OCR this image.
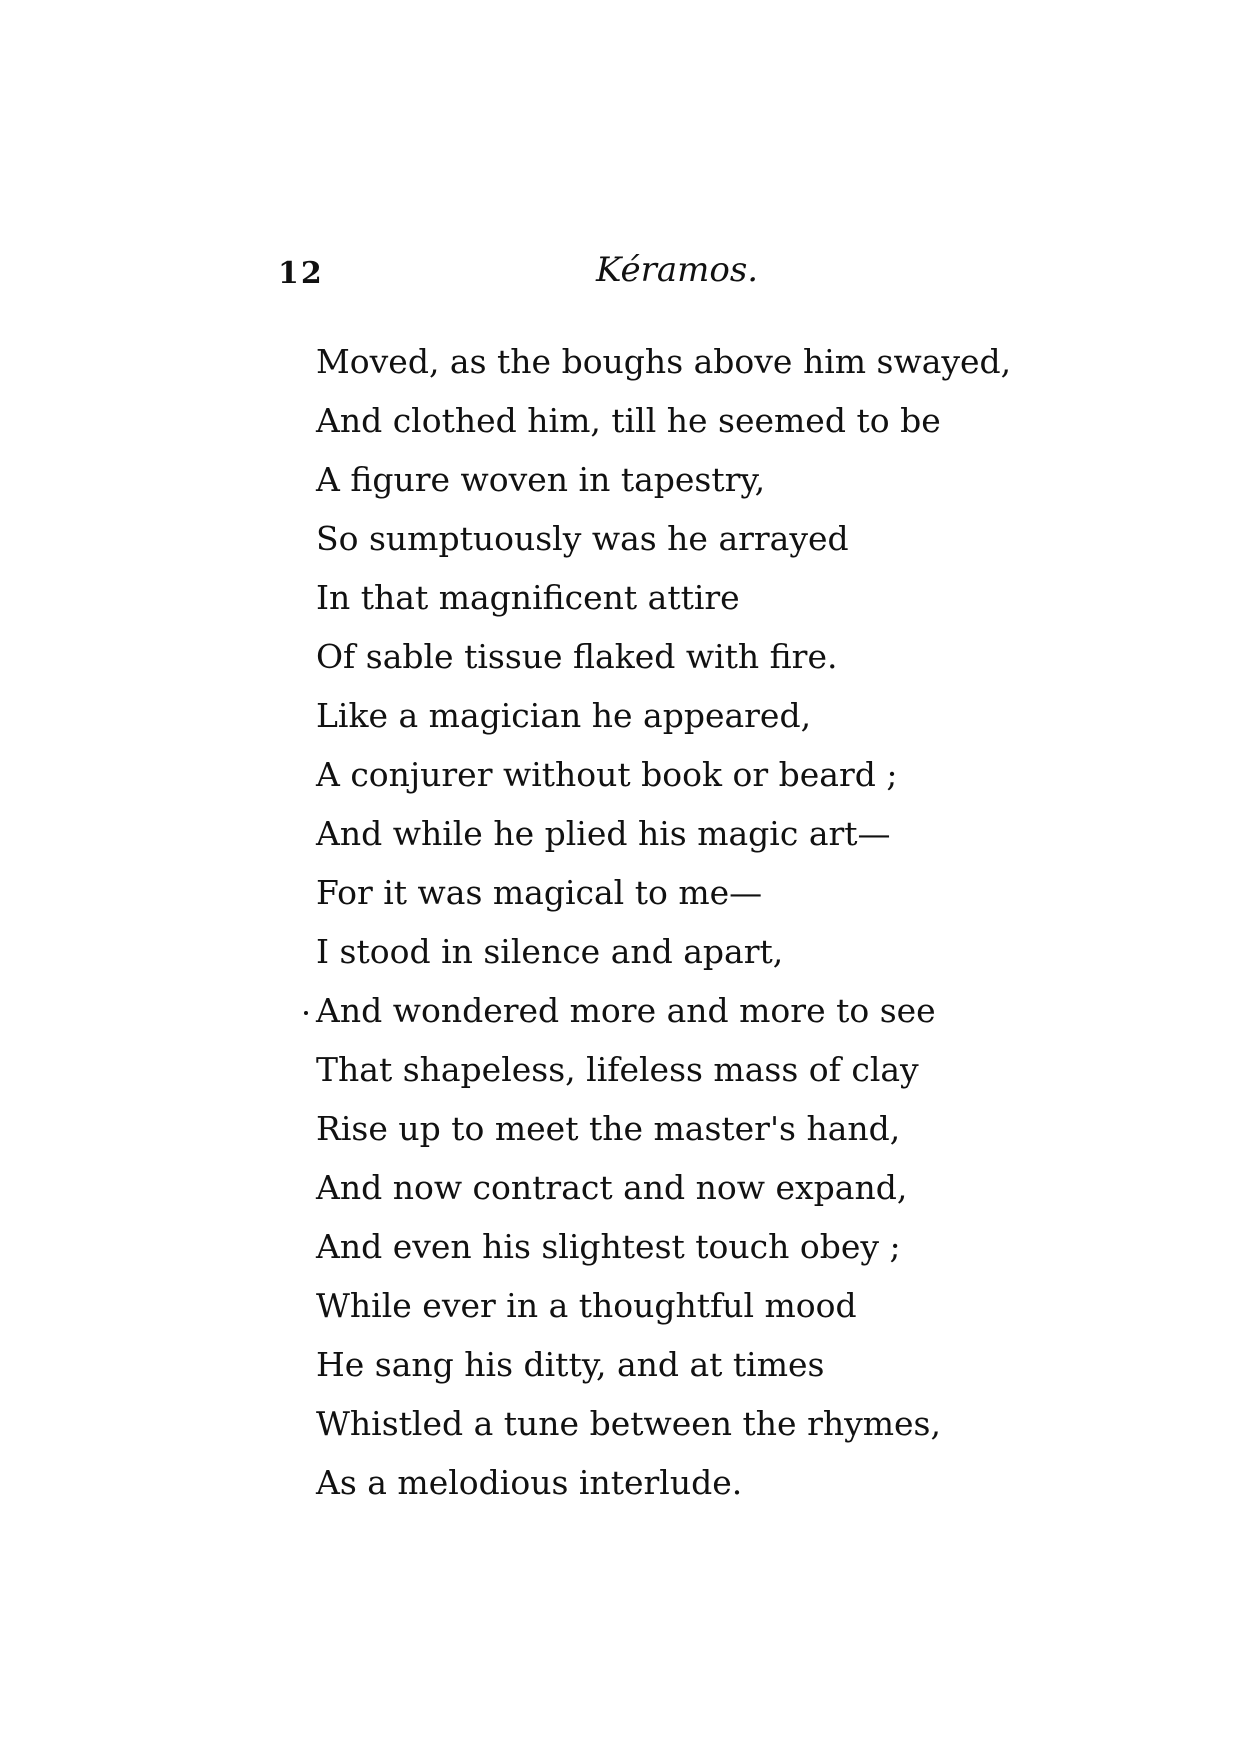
12	Kéramos.
Moved, as the boughs above him swayed,
And clothed him, till he seemed to be
A figure woven in tapestry,
So sumptuously was he arrayed
In that magnificent attire
Of sable tissue flaked with fire.
Like a magician he appeared,
A conjurer without book or beard ;
And while he plied his magic art—
For it was magical to me—
I stood in silence and apart,
And wondered more and more to see
That shapeless, lifeless mass of clay
Rise up to meet the master's hand,
And now contract and now expand,
And even his slightest touch obey ;
While ever in a thoughtful mood
He sang his ditty, and at times
Whistled a tune between the rhymes,
As a melodious interlude.
